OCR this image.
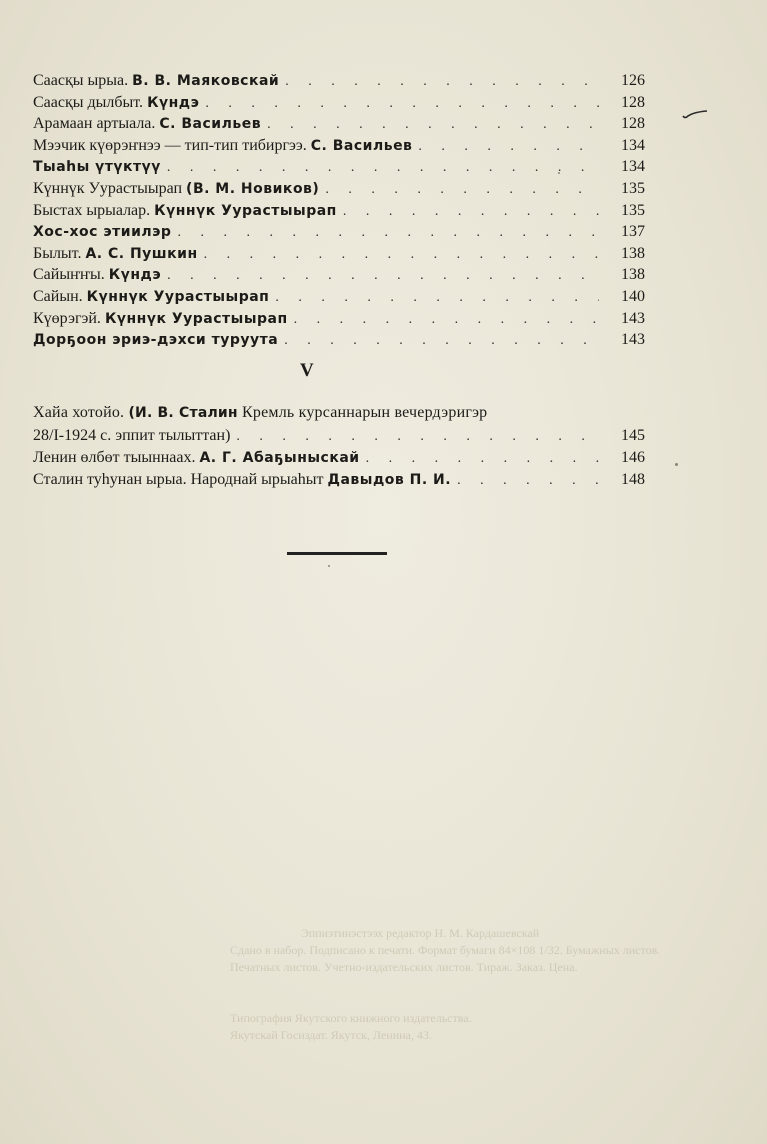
Саасқы ырыа. В. В. Маяковскай . . .	126
Саасқы дылбыт. Күндэ . . .	128
Арамаан артыала. С. Васильев . . .	128
Мээчик күөрэҥнээ — тип-тип тибиргээ. С. Васильев . . .	134
Тыаһы үтүктүү . . .	134
Күннүк Уурастыырап (В. М. Новиков) . . .	135
Быстах ырыалар. Күннүк Уурастыырап . . .	135
Хос-хос этиилэр . . .	137
Былыт. А. С. Пушкин . . .	138
Сайыҥҥы. Күндэ . . .	138
Сайын. Күннүк Уурастыырап . . .	140
Күөрэгэй. Күннүк Уурастыырап . . .	143
Дорҕоон эриэ-дэхси туруута . . .	143
V
Хайа хотойо. (И. В. Сталин Кремль курсаннарын вечердэригэр
28/І-1924 с. эппит тылыттан) . . .	145
Ленин өлбөт тыыннаах. А. Г. Абаҕыныскай . . .	146
Сталин туһунан ырыа. Народнай ырыаһыт Давыдов П. И. . . .	148
Эппиэтинэстээх редактор Н. М. Кардашевскай
Сдано в набор. Подписано к печати. Формат бумаги 84×108 1/32. Бумажных листов.
Печатных листов. Учетно-издательских листов. Тираж. Заказ. Цена.
Типография Якутского книжного издательства.
Якутскай Госиздат. Якутск, Ленина, 43.
